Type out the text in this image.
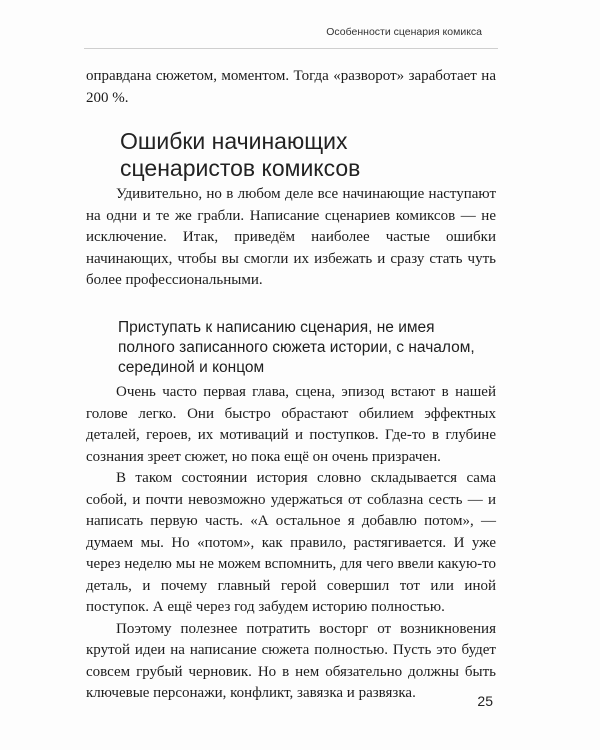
Особенности сценария комикса

оправдана сюжетом, моментом. Тогда «разворот» заработает на 200 %.

Ошибки начинающих сценаристов комиксов

Удивительно, но в любом деле все начинающие наступают на одни и те же грабли. Написание сценариев комиксов — не исключение. Итак, приведём наиболее частые ошибки начинающих, чтобы вы смогли их избежать и сразу стать чуть более профессиональными.

Приступать к написанию сценария, не имея полного записанного сюжета истории, с началом, серединой и концом

Очень часто первая глава, сцена, эпизод встают в нашей голове легко. Они быстро обрастают обилием эффектных деталей, героев, их мотиваций и поступков. Где-то в глубине сознания зреет сюжет, но пока ещё он очень призрачен.

В таком состоянии история словно складывается сама собой, и почти невозможно удержаться от соблазна сесть — и написать первую часть. «А остальное я добавлю потом», — думаем мы. Но «потом», как правило, растягивается. И уже через неделю мы не можем вспомнить, для чего ввели какую-то деталь, и почему главный герой совершил тот или иной поступок. А ещё через год забудем историю полностью.

Поэтому полезнее потратить восторг от возникновения крутой идеи на написание сюжета полностью. Пусть это будет совсем грубый черновик. Но в нем обязательно должны быть ключевые персонажи, конфликт, завязка и развязка.	25
